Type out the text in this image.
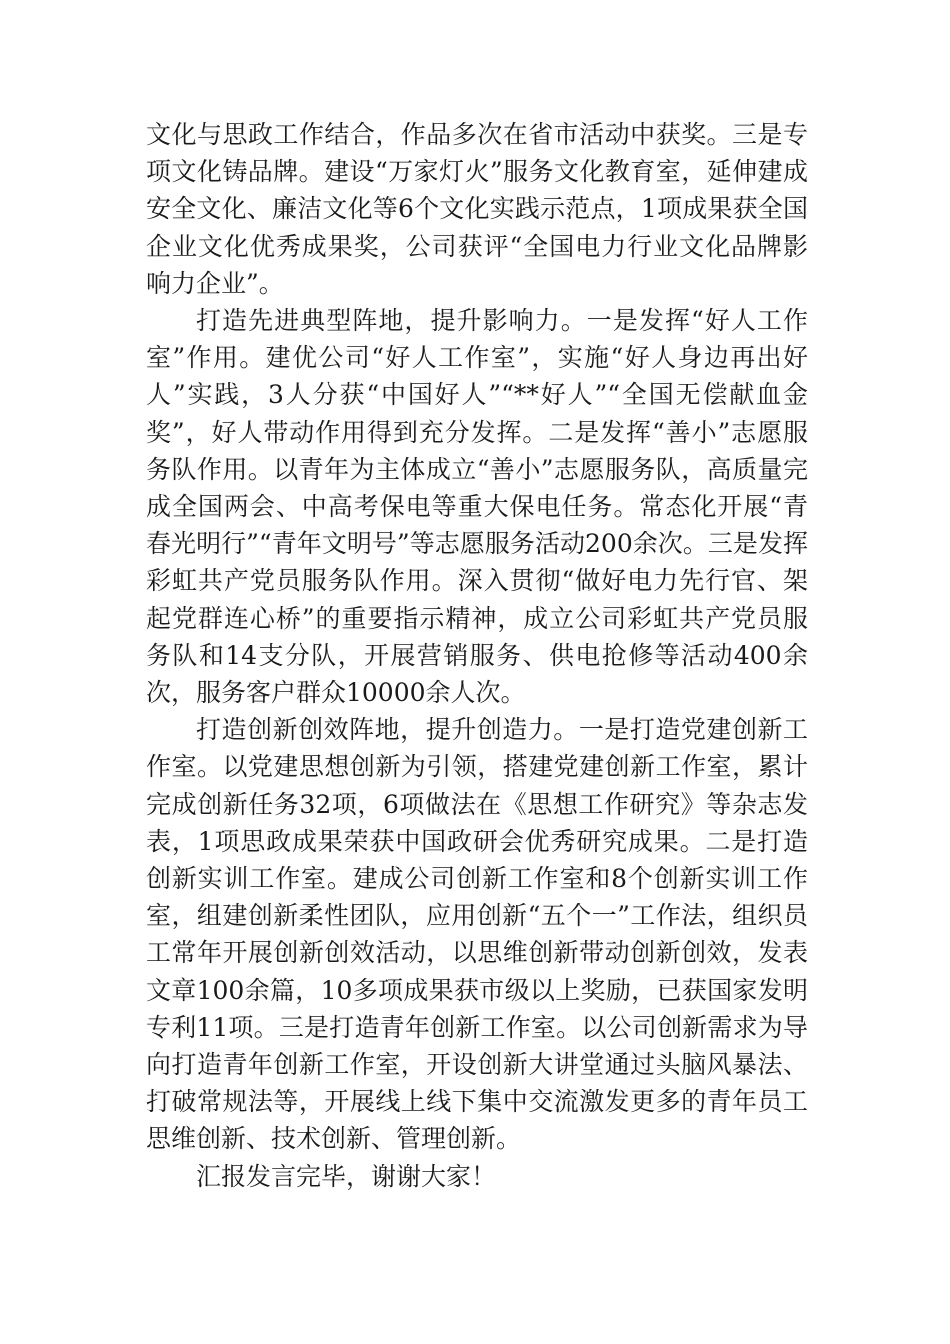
文化与思政工作结合，作品多次在省市活动中获奖。三是专项文化铸品牌。建设“万家灯火”服务文化教育室，延伸建成安全文化、廉洁文化等6个文化实践示范点，1项成果获全国企业文化优秀成果奖，公司获评“全国电力行业文化品牌影响力企业”。

打造先进典型阵地，提升影响力。一是发挥“好人工作室”作用。建优公司“好人工作室”，实施“好人身边再出好人”实践，3人分获“中国好人”“**好人”“全国无偿献血金奖”，好人带动作用得到充分发挥。二是发挥“善小”志愿服务队作用。以青年为主体成立“善小”志愿服务队，高质量完成全国两会、中高考保电等重大保电任务。常态化开展“青春光明行”“青年文明号”等志愿服务活动200余次。三是发挥彩虹共产党员服务队作用。深入贯彻“做好电力先行官、架起党群连心桥”的重要指示精神，成立公司彩虹共产党员服务队和14支分队，开展营销服务、供电抢修等活动400余次，服务客户群众10000余人次。

打造创新创效阵地，提升创造力。一是打造党建创新工作室。以党建思想创新为引领，搭建党建创新工作室，累计完成创新任务32项，6项做法在《思想工作研究》等杂志发表，1项思政成果荣获中国政研会优秀研究成果。二是打造创新实训工作室。建成公司创新工作室和8个创新实训工作室，组建创新柔性团队，应用创新“五个一”工作法，组织员工常年开展创新创效活动，以思维创新带动创新创效，发表文章100余篇，10多项成果获市级以上奖励，已获国家发明专利11项。三是打造青年创新工作室。以公司创新需求为导向打造青年创新工作室，开设创新大讲堂通过头脑风暴法、打破常规法等，开展线上线下集中交流激发更多的青年员工思维创新、技术创新、管理创新。

汇报发言完毕，谢谢大家！
